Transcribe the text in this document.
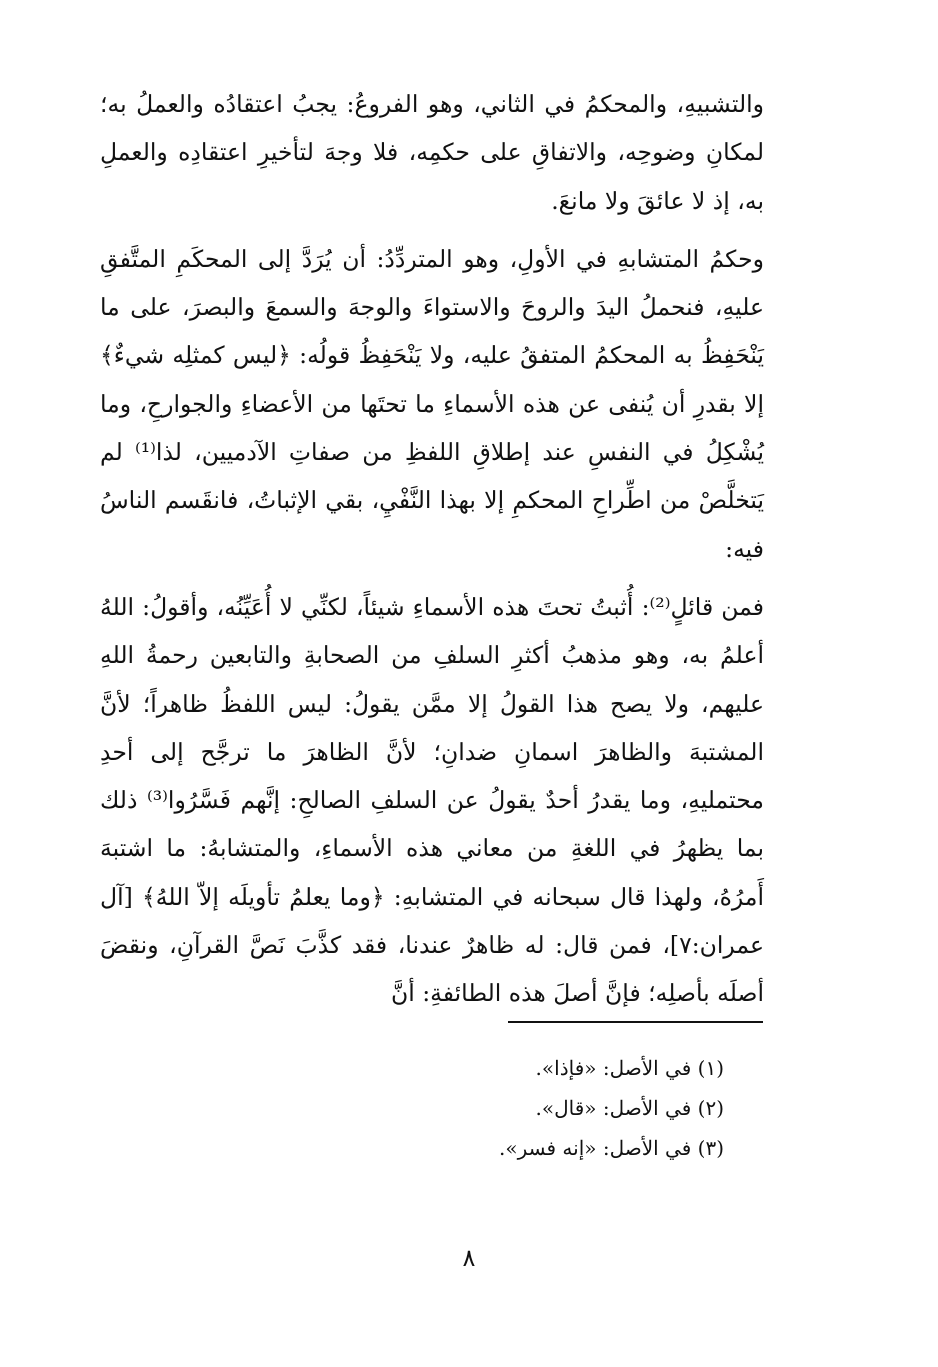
والتشبيهِ، والمحكمُ في الثاني، وهو الفروعُ: يجبُ اعتقادُه والعملُ به؛ لمكانِ وضوحِه، والاتفاقِ على حكمِه، فلا وجهَ لتأخيرِ اعتقادِه والعملِ به، إذ لا عائقَ ولا مانعَ.

وحكمُ المتشابهِ في الأولِ، وهو المتردِّدُ: أن يُرَدَّ إلى المحكَمِ المتَّفقِ عليهِ، فنحملُ اليدَ والروحَ والاستواءَ والوجهَ والسمعَ والبصرَ، على ما يَنْحَفِظُ به المحكمُ المتفقُ عليه، ولا يَنْحَفِظُ قولُه: ﴿ليس كمثلِه شيءٌ﴾ إلا بقدرِ أن يُنفى عن هذه الأسماءِ ما تحتَها من الأعضاءِ والجوارحِ، وما يُشْكِلُ في النفسِ عند إطلاقِ اللفظِ من صفاتِ الآدميين، لذا⁽¹⁾ لم يَتخلَّصْ من اطِّراحِ المحكمِ إلا بهذا النَّفْيِ، بقي الإثباتُ، فانقَسم الناسُ فيه:

فمن قائلٍ⁽²⁾: أُثبتُ تحتَ هذه الأسماءِ شيئاً، لكنِّي لا أُعَيِّنُه، وأقولُ: اللهُ أعلمُ به، وهو مذهبُ أكثرِ السلفِ من الصحابةِ والتابعين رحمةُ اللهِ عليهم، ولا يصح هذا القولُ إلا ممَّن يقولُ: ليس اللفظُ ظاهراً؛ لأنَّ المشتبهَ والظاهرَ اسمانِ ضدانِ؛ لأنَّ الظاهرَ ما ترجَّح إلى أحدِ محتمليهِ، وما يقدرُ أحدٌ يقولُ عن السلفِ الصالحِ: إنَّهم فَسَّرُوا⁽³⁾ ذلك بما يظهرُ في اللغةِ من معاني هذه الأسماءِ، والمتشابهُ: ما اشتبهَ أَمرُهُ، ولهذا قال سبحانه في المتشابهِ: ﴿وما يعلمُ تأويلَه إلاّ اللهُ﴾ [آل عمران:٧]، فمن قال: له ظاهرٌ عندنا، فقد كذَّبَ نَصَّ القرآنِ، ونقضَ أصلَه بأصلِه؛ فإنَّ أصلَ هذه الطائفةِ: أنَّ

(١) في الأصل: «فإذا».
(٢) في الأصل: «قال».
(٣) في الأصل: «إنه فسر».
٨
